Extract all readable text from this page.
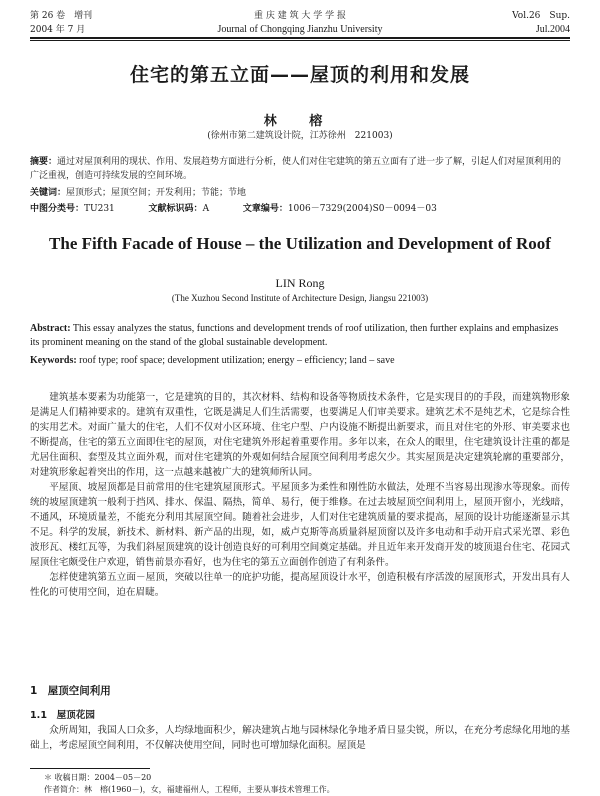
第 26 卷　增刊	重 庆 建 筑 大 学 学 报	Vol.26　Sup.
2004 年 7 月	Journal of Chongqing Jianzhu University	Jul.2004
住宅的第五立面——屋顶的利用和发展
林 榕
(徐州市第二建筑设计院，江苏徐州　221003)
摘要：通过对屋顶利用的现状、作用、发展趋势方面进行分析，使人们对住宅建筑的第五立面有了进一步了解，引起人们对屋顶利用的广泛重视，创造可持续发展的空间环境。
关键词：屋顶形式；屋顶空间；开发利用；节能；节地
中图分类号：TU231	文献标识码：A	文章编号：1006－7329(2004)S0－0094－03
The Fifth Facade of House – the Utilization and Development of Roof
LIN Rong
(The Xuzhou Second Institute of Architecture Design, Jiangsu 221003)
Abstract: This essay analyzes the status, functions and development trends of roof utilization, then further explains and emphasizes its prominent meaning on the stand of the global sustainable development.
Keywords: roof type; roof space; development utilization; energy – efficiency; land – save

建筑基本要素为功能第一，它是建筑的目的，其次材料、结构和设备等物质技术条件，它是实现目的的手段，而建筑物形象是满足人们精神要求的。建筑有双重性，它既是满足人们生活需要，也要满足人们审美要求。建筑艺术不是纯艺术，它是综合性的实用艺术。对面广量大的住宅，人们不仅对小区环境、住宅户型、户内设施不断提出新要求，而且对住宅的外形、审美要求也不断提高，住宅的第五立面即住宅的屋顶，对住宅建筑外形起着重要作用。多年以来，在众人的眼里，住宅建筑设计注重的都是尤居住面积、套型及其立面外观，而对住宅建筑的外观如何结合屋顶空间利用考虑欠少。其实屋顶是决定建筑轮廓的重要部分，对建筑形象起着突出的作用，这一点越来越被广大的建筑师所认同。

平屋顶、坡屋顶都是目前常用的住宅建筑屋顶形式。平屋顶多为柔性和刚性防水做法，处理不当容易出现渗水等现象。而传统的坡屋顶建筑一般利于挡风、排水、保温、隔热，简单、易行，便于维修。在过去坡屋顶空间利用上，屋顶开窗小，光线暗，不通风，环境质量差，不能充分利用其屋顶空间。随着社会进步，人们对住宅建筑质量的要求提高，屋顶的设计功能逐渐显示其不足。科学的发展，新技术、新材料、新产品的出现，如，威卢克斯等高质量斜屋顶窗以及许多电动和手动开启式采光罩、彩色波形瓦、楼红瓦等，为我们斜屋顶建筑的设计创造良好的可利用空间奠定基础。并且近年来开发商开发的坡顶退台住宅、花园式屋顶住宅颇受住户欢迎，销售前景亦看好，也为住宅的第五立面创作创造了有利条件。

怎样使建筑第五立面－屋顶，突破以往单一的庇护功能，提高屋顶设计水平，创造积极有序活泼的屋顶形式，开发出具有人性化的可使用空间，迫在眉睫。

1　屋顶空间利用
1.1　屋顶花园

众所周知，我国人口众多，人均绿地面积少，解决建筑占地与园林绿化争地矛盾日显尖锐，所以，在充分考虑绿化用地的基础上，考虑屋顶空间利用，不仅解决使用空间，同时也可增加绿化面积。屋顶是

＊ 收稿日期：2004－05－20
作者简介：林　榕(1960－)，女，福建福州人，工程师，主要从事技术管理工作。
